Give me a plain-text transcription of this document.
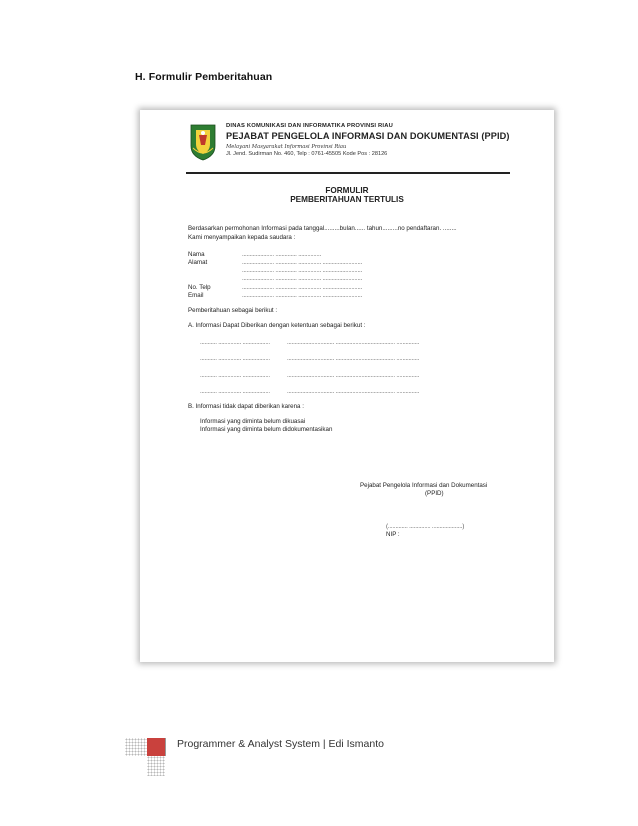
H. Formulir Pemberitahuan
DINAS KOMUNIKASI DAN INFORMATIKA PROVINSI RIAU
PEJABAT PENGELOLA INFORMASI DAN DOKUMENTASI (PPID)
Melayani Masyarakat Informasi Provinsi Riau
Jl. Jend. Sudirman No. 460, Telp : 0761-45505 Kode Pos : 28126
FORMULIR
PEMBERITAHUAN TERTULIS
Berdasarkan permohonan Informasi pada tanggal.........bulan...... tahun.........no pendaftaran. ........
Kami menyampaikan kepada saudara :
Nama	..................... .............. ...............
Alamat	..................... .............. ............... ..........................
..................... .............. ............... ..........................
..................... .............. ............... ..........................
No. Telp	..................... .............. ............... ..........................
Email	..................... .............. ............... ..........................
Pemberitahuan sebagai berikut :
A. Informasi Dapat Diberikan dengan ketentuan sebagai berikut :
........... ............... ..................	............................... ....................................... ...............
........... ............... ..................	............................... ....................................... ...............
........... ............... ..................	............................... ....................................... ...............
........... ............... ..................	............................... ....................................... ...............
B. Informasi tidak dapat diberikan karena :
Informasi yang diminta belum dikuasai
Informasi yang diminta belum didokumentasikan
Pejabat Pengelola Informasi dan Dokumentasi
(PPID)
(............. .............. ....................)
NIP :
Programmer & Analyst System | Edi Ismanto
